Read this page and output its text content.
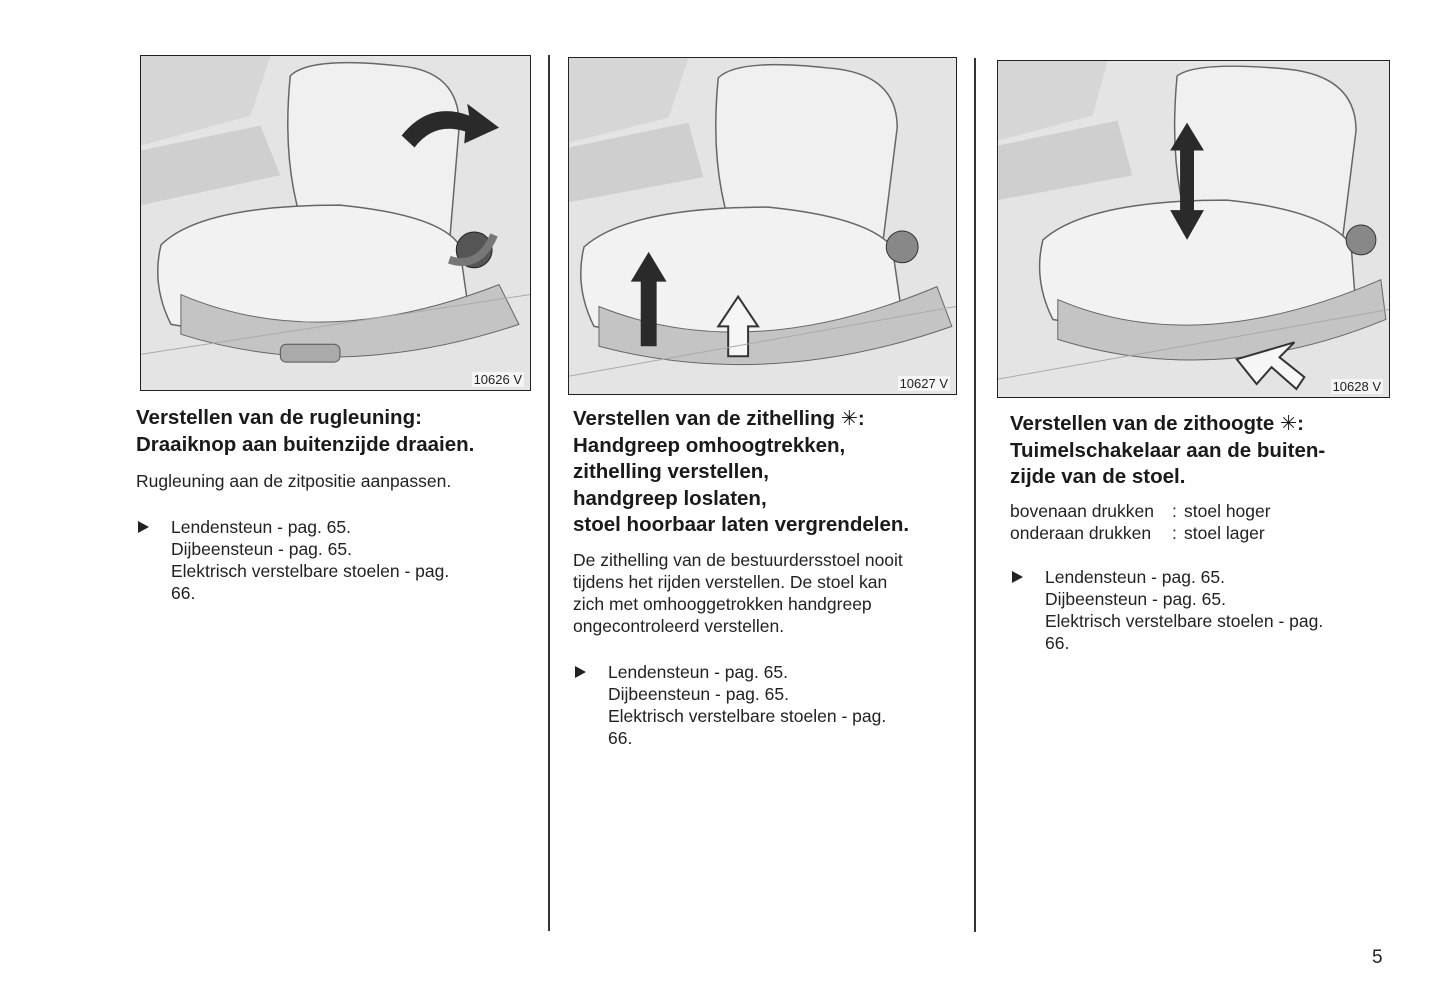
10626 V	10627 V	10628 V
Verstellen van de rugleuning:
Draaiknop aan buitenzijde draaien.
Rugleuning aan de zitpositie aanpassen.
Lendensteun - pag. 65.
Dijbeensteun - pag. 65.
Elektrisch verstelbare stoelen - pag.
66.
Verstellen van de zithelling ✳:
Handgreep omhoogtrekken,
zithelling verstellen,
handgreep loslaten,
stoel hoorbaar laten vergrendelen.
De zithelling van de bestuurdersstoel nooit
tijdens het rijden verstellen. De stoel kan
zich met omhooggetrokken handgreep
ongecontroleerd verstellen.
Lendensteun - pag. 65.
Dijbeensteun - pag. 65.
Elektrisch verstelbare stoelen - pag.
66.
Verstellen van de zithoogte ✳:
Tuimelschakelaar aan de buiten-
zijde van de stoel.
bovenaan drukken	: stoel hoger
onderaan drukken	: stoel lager
Lendensteun - pag. 65.
Dijbeensteun - pag. 65.
Elektrisch verstelbare stoelen - pag.
66.
5
